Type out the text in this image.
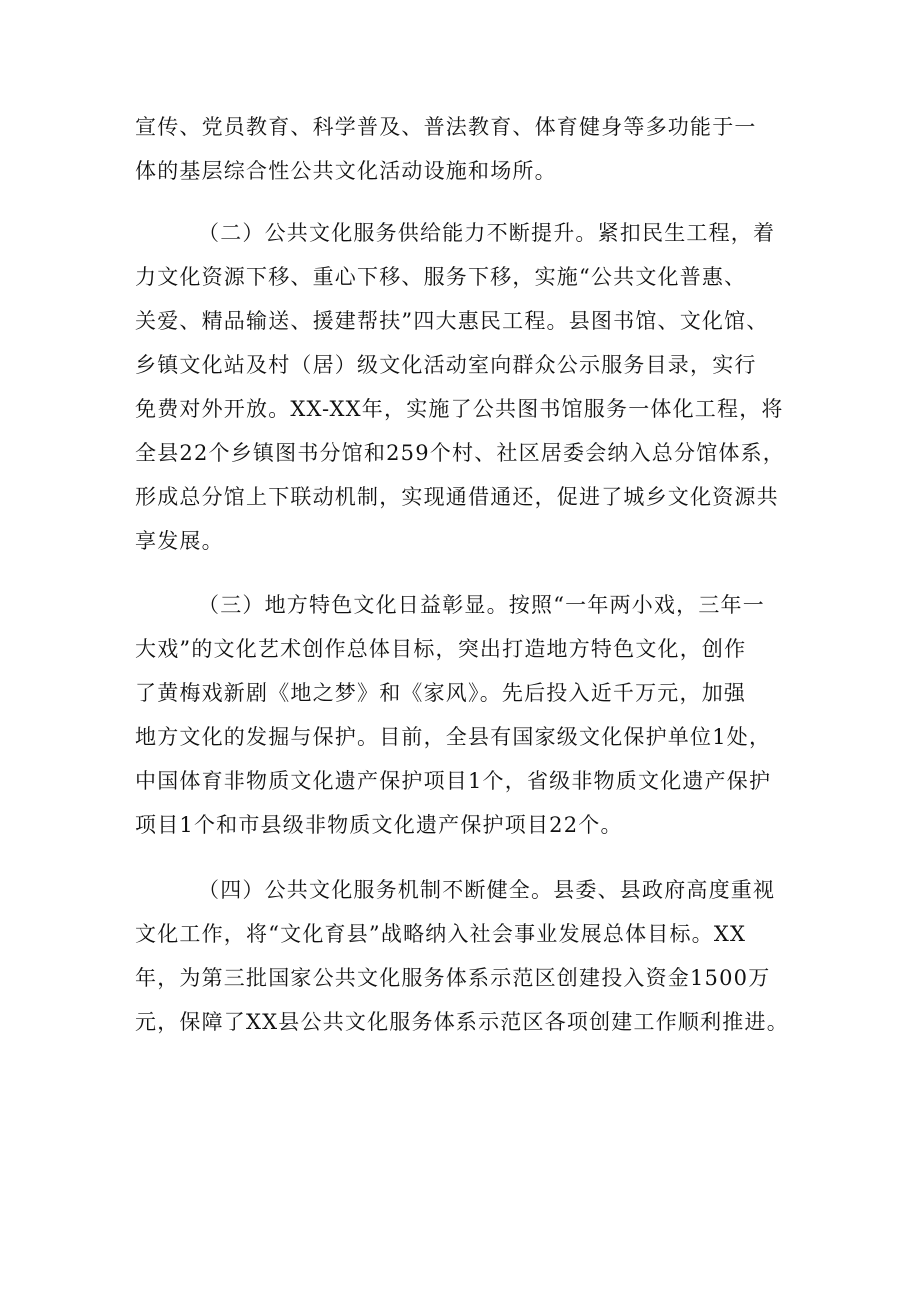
宣传、党员教育、科学普及、普法教育、体育健身等多功能于一
体的基层综合性公共文化活动设施和场所。
（二）公共文化服务供给能力不断提升。紧扣民生工程，着
力文化资源下移、重心下移、服务下移，实施“公共文化普惠、
关爱、精品输送、援建帮扶”四大惠民工程。县图书馆、文化馆、
乡镇文化站及村（居）级文化活动室向群众公示服务目录，实行
免费对外开放。XX-XX年，实施了公共图书馆服务一体化工程，将
全县22个乡镇图书分馆和259个村、社区居委会纳入总分馆体系，
形成总分馆上下联动机制，实现通借通还，促进了城乡文化资源共
享发展。
（三）地方特色文化日益彰显。按照“一年两小戏，三年一
大戏”的文化艺术创作总体目标，突出打造地方特色文化，创作
了黄梅戏新剧《地之梦》和《家风》。先后投入近千万元，加强
地方文化的发掘与保护。目前，全县有国家级文化保护单位1处，
中国体育非物质文化遗产保护项目1个，省级非物质文化遗产保护
项目1个和市县级非物质文化遗产保护项目22个。
（四）公共文化服务机制不断健全。县委、县政府高度重视
文化工作，将“文化育县”战略纳入社会事业发展总体目标。XX
年，为第三批国家公共文化服务体系示范区创建投入资金1500万
元，保障了XX县公共文化服务体系示范区各项创建工作顺利推进。
